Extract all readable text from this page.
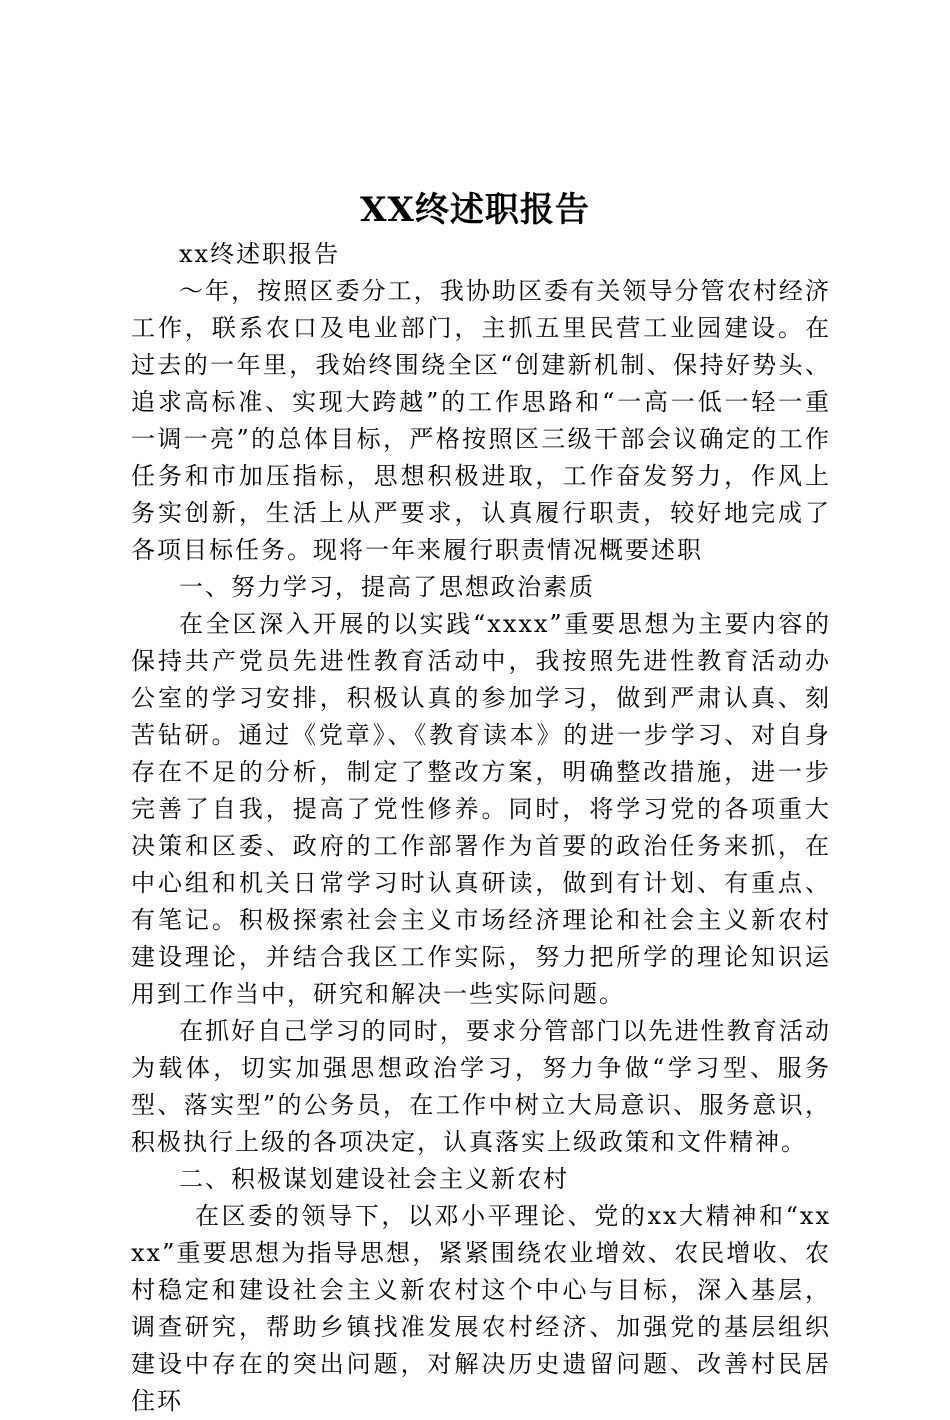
XX终述职报告

xx终述职报告

～年，按照区委分工，我协助区委有关领导分管农村经济工作，联系农口及电业部门，主抓五里民营工业园建设。在过去的一年里，我始终围绕全区“创建新机制、保持好势头、追求高标准、实现大跨越”的工作思路和“一高一低一轻一重一调一亮”的总体目标，严格按照区三级干部会议确定的工作任务和市加压指标，思想积极进取，工作奋发努力，作风上务实创新，生活上从严要求，认真履行职责，较好地完成了各项目标任务。现将一年来履行职责情况概要述职

一、努力学习，提高了思想政治素质

在全区深入开展的以实践“xxxx”重要思想为主要内容的保持共产党员先进性教育活动中，我按照先进性教育活动办公室的学习安排，积极认真的参加学习，做到严肃认真、刻苦钻研。通过《党章》、《教育读本》的进一步学习、对自身存在不足的分析，制定了整改方案，明确整改措施，进一步完善了自我，提高了党性修养。同时，将学习党的各项重大决策和区委、政府的工作部署作为首要的政治任务来抓，在中心组和机关日常学习时认真研读，做到有计划、有重点、有笔记。积极探索社会主义市场经济理论和社会主义新农村建设理论，并结合我区工作实际，努力把所学的理论知识运用到工作当中，研究和解决一些实际问题。

在抓好自己学习的同时，要求分管部门以先进性教育活动为载体，切实加强思想政治学习，努力争做“学习型、服务型、落实型”的公务员，在工作中树立大局意识、服务意识，积极执行上级的各项决定，认真落实上级政策和文件精神。

二、积极谋划建设社会主义新农村

在区委的领导下，以邓小平理论、党的xx大精神和“xxxx”重要思想为指导思想，紧紧围绕农业增效、农民增收、农村稳定和建设社会主义新农村这个中心与目标，深入基层，调查研究，帮助乡镇找准发展农村经济、加强党的基层组织建设中存在的突出问题，对解决历史遗留问题、改善村民居住环
